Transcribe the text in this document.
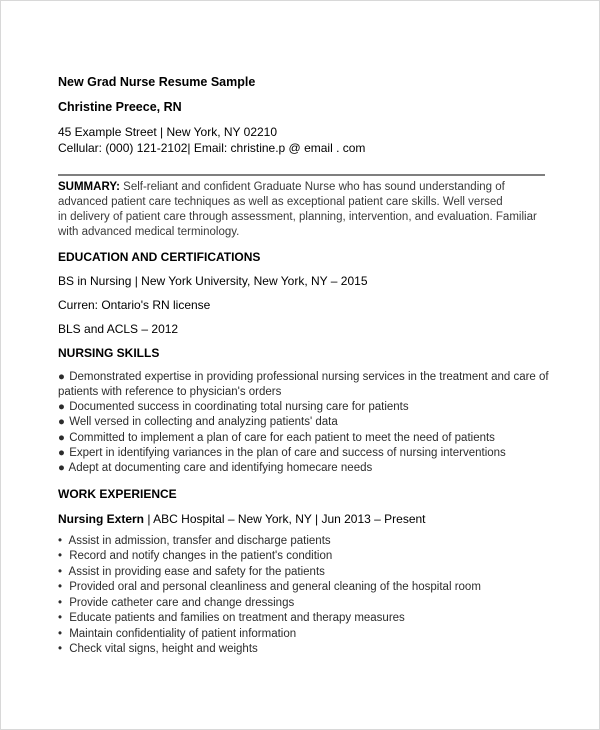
New Grad Nurse Resume Sample
Christine Preece, RN
45 Example Street | New York, NY 02210
Cellular: (000) 121-2102| Email: christine.p @ email . com
SUMMARY: Self-reliant and confident Graduate Nurse who has sound understanding of
advanced patient care techniques as well as exceptional patient care skills. Well versed
in delivery of patient care through assessment, planning, intervention, and evaluation. Familiar
with advanced medical terminology.
EDUCATION AND CERTIFICATIONS
BS in Nursing | New York University, New York, NY – 2015
Curren: Ontario's RN license
BLS and ACLS – 2012
NURSING SKILLS
● Demonstrated expertise in providing professional nursing services in the treatment and care of
patients with reference to physician's orders
● Documented success in coordinating total nursing care for patients
● Well versed in collecting and analyzing patients' data
● Committed to implement a plan of care for each patient to meet the need of patients
● Expert in identifying variances in the plan of care and success of nursing interventions
● Adept at documenting care and identifying homecare needs
WORK EXPERIENCE
Nursing Extern | ABC Hospital – New York, NY | Jun 2013 – Present
• Assist in admission, transfer and discharge patients
• Record and notify changes in the patient's condition
• Assist in providing ease and safety for the patients
• Provided oral and personal cleanliness and general cleaning of the hospital room
• Provide catheter care and change dressings
• Educate patients and families on treatment and therapy measures
• Maintain confidentiality of patient information
• Check vital signs, height and weights
